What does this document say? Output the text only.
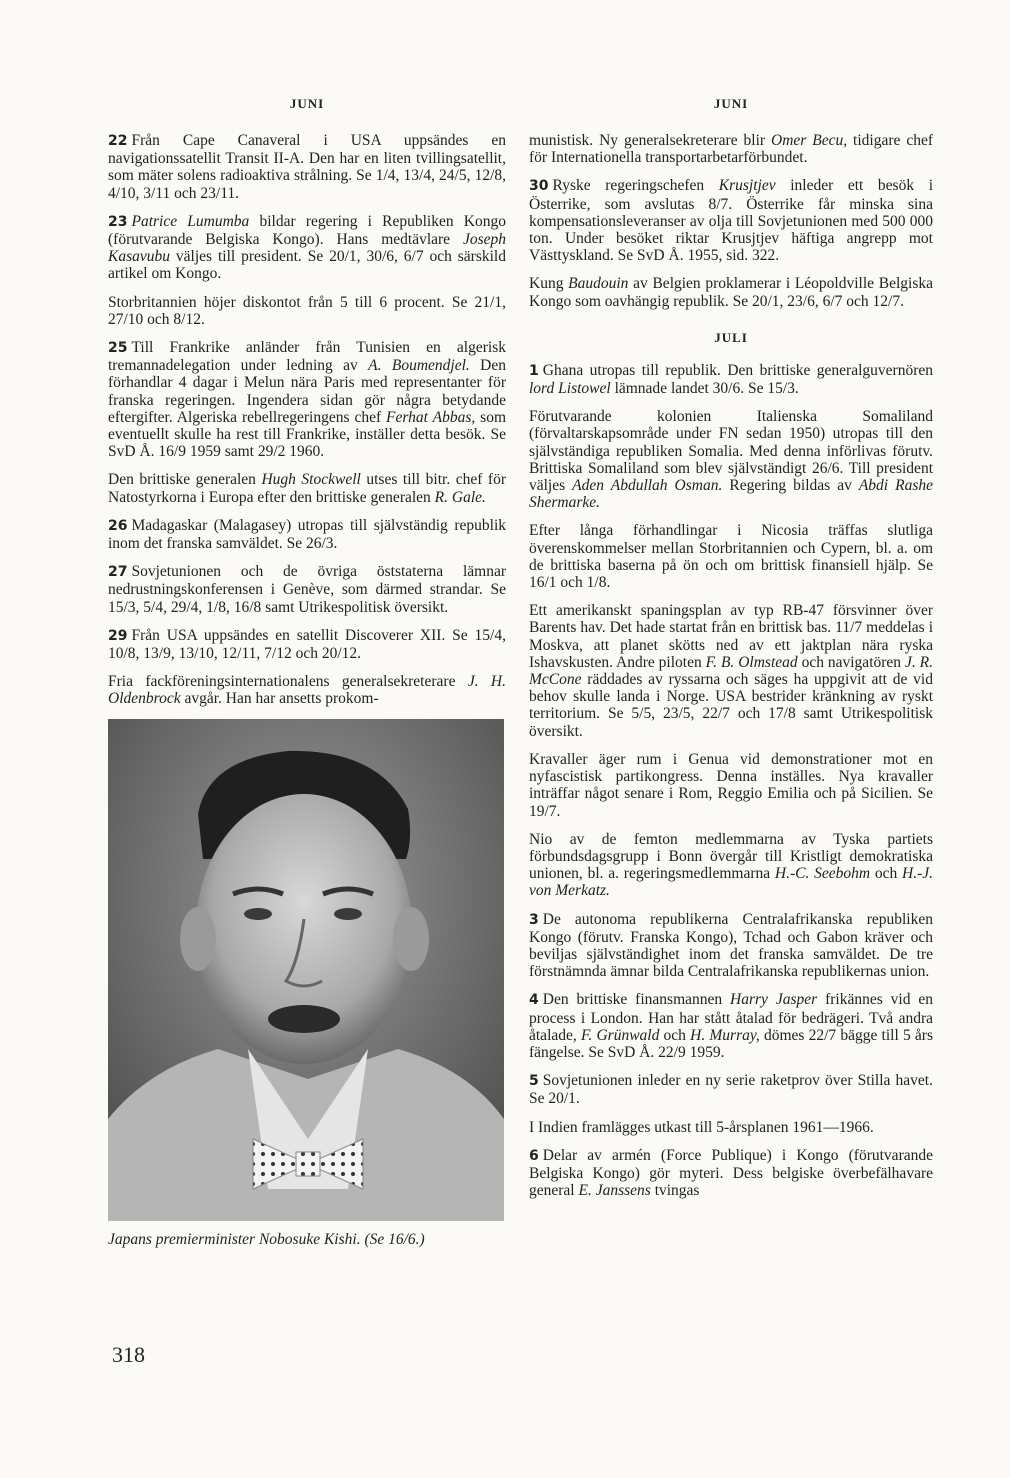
JUNI

22 Från Cape Canaveral i USA uppsändes en navigationssatellit Transit II-A. Den har en liten tvillingsatellit, som mäter solens radioaktiva strålning. Se 1/4, 13/4, 24/5, 12/8, 4/10, 3/11 och 23/11.

23 Patrice Lumumba bildar regering i Republiken Kongo (förutvarande Belgiska Kongo). Hans medtävlare Joseph Kasavubu väljes till president. Se 20/1, 30/6, 6/7 och särskild artikel om Kongo.

Storbritannien höjer diskontot från 5 till 6 procent. Se 21/1, 27/10 och 8/12.

25 Till Frankrike anländer från Tunisien en algerisk tremannadelegation under ledning av A. Boumendjel. Den förhandlar 4 dagar i Melun nära Paris med representanter för franska regeringen. Ingendera sidan gör några betydande eftergifter. Algeriska rebellregeringens chef Ferhat Abbas, som eventuellt skulle ha rest till Frankrike, inställer detta besök. Se SvD Å. 16/9 1959 samt 29/2 1960.

Den brittiske generalen Hugh Stockwell utses till bitr. chef för Natostyrkorna i Europa efter den brittiske generalen R. Gale.

26 Madagaskar (Malagasey) utropas till självständig republik inom det franska samväldet. Se 26/3.

27 Sovjetunionen och de övriga öststaterna lämnar nedrustningskonferensen i Genève, som därmed strandar. Se 15/3, 5/4, 29/4, 1/8, 16/8 samt Utrikespolitisk översikt.

29 Från USA uppsändes en satellit Discoverer XII. Se 15/4, 10/8, 13/9, 13/10, 12/11, 7/12 och 20/12.

Fria fackföreningsinternationalens generalsekreterare J. H. Oldenbrock avgår. Han har ansetts prokom-

Japans premierminister Nobosuke Kishi. (Se 16/6.)
JUNI

munistisk. Ny generalsekreterare blir Omer Becu, tidigare chef för Internationella transportarbetarförbundet.

30 Ryske regeringschefen Krusjtjev inleder ett besök i Österrike, som avslutas 8/7. Österrike får minska sina kompensationsleveranser av olja till Sovjetunionen med 500 000 ton. Under besöket riktar Krusjtjev häftiga angrepp mot Västtyskland. Se SvD Å. 1955, sid. 322.

Kung Baudouin av Belgien proklamerar i Léopoldville Belgiska Kongo som oavhängig republik. Se 20/1, 23/6, 6/7 och 12/7.

JULI

1 Ghana utropas till republik. Den brittiske generalguvernören lord Listowel lämnade landet 30/6. Se 15/3.

Förutvarande kolonien Italienska Somaliland (förvaltarskapsområde under FN sedan 1950) utropas till den självständiga republiken Somalia. Med denna införlivas förutv. Brittiska Somaliland som blev självständigt 26/6. Till president väljes Aden Abdullah Osman. Regering bildas av Abdi Rashe Shermarke.

Efter långa förhandlingar i Nicosia träffas slutliga överenskommelser mellan Storbritannien och Cypern, bl. a. om de brittiska baserna på ön och om brittisk finansiell hjälp. Se 16/1 och 1/8.

Ett amerikanskt spaningsplan av typ RB-47 försvinner över Barents hav. Det hade startat från en brittisk bas. 11/7 meddelas i Moskva, att planet skötts ned av ett jaktplan nära ryska Ishavskusten. Andre piloten F. B. Olmstead och navigatören J. R. McCone räddades av ryssarna och säges ha uppgivit att de vid behov skulle landa i Norge. USA bestrider kränkning av ryskt territorium. Se 5/5, 23/5, 22/7 och 17/8 samt Utrikespolitisk översikt.

Kravaller äger rum i Genua vid demonstrationer mot en nyfascistisk partikongress. Denna inställes. Nya kravaller inträffar något senare i Rom, Reggio Emilia och på Sicilien. Se 19/7.

Nio av de femton medlemmarna av Tyska partiets förbundsdagsgrupp i Bonn övergår till Kristligt demokratiska unionen, bl. a. regeringsmedlemmarna H.-C. Seebohm och H.-J. von Merkatz.

3 De autonoma republikerna Centralafrikanska republiken Kongo (förutv. Franska Kongo), Tchad och Gabon kräver och beviljas självständighet inom det franska samväldet. De tre förstnämnda ämnar bilda Centralafrikanska republikernas union.

4 Den brittiske finansmannen Harry Jasper frikännes vid en process i London. Han har stått åtalad för bedrägeri. Två andra åtalade, F. Grünwald och H. Murray, dömes 22/7 bägge till 5 års fängelse. Se SvD Å. 22/9 1959.

5 Sovjetunionen inleder en ny serie raketprov över Stilla havet. Se 20/1.

I Indien framlägges utkast till 5-årsplanen 1961—1966.

6 Delar av armén (Force Publique) i Kongo (förutvarande Belgiska Kongo) gör myteri. Dess belgiske överbefälhavare general E. Janssens tvingas

318
